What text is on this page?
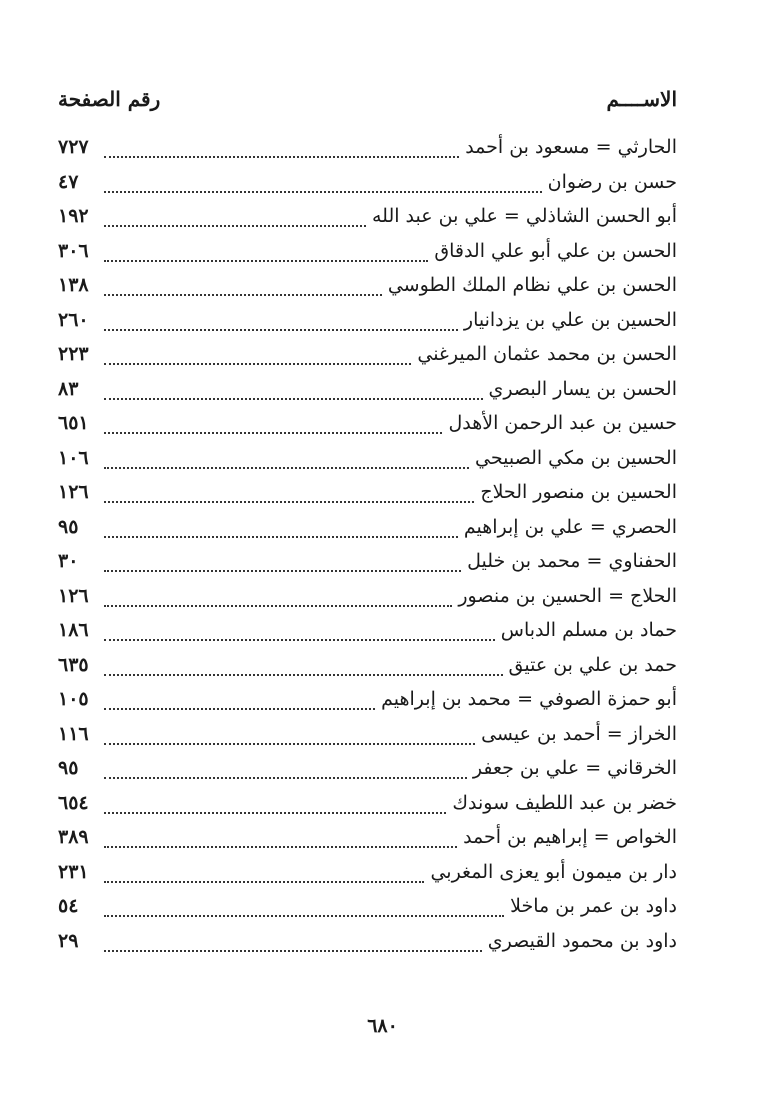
الاســــم
رقم الصفحة
الحارثي = مسعود بن أحمد
٧٢٧
حسن بن رضوان
٤٧
أبو الحسن الشاذلي = علي بن عبد الله
١٩٢
الحسن بن علي أبو علي الدقاق
٣٠٦
الحسن بن علي نظام الملك الطوسي
١٣٨
الحسين بن علي بن يزدانيار
٢٦٠
الحسن بن محمد عثمان الميرغني
٢٢٣
الحسن بن يسار البصري
٨٣
حسين بن عبد الرحمن الأهدل
٦٥١
الحسين بن مكي الصبيحي
١٠٦
الحسين بن منصور الحلاج
١٢٦
الحصري = علي بن إبراهيم
٩٥
الحفناوي = محمد بن خليل
٣٠
الحلاج = الحسين بن منصور
١٢٦
حماد بن مسلم الدباس
١٨٦
حمد بن علي بن عتيق
٦٣٥
أبو حمزة الصوفي = محمد بن إبراهيم
١٠٥
الخراز = أحمد بن عيسى
١١٦
الخرقاني = علي بن جعفر
٩٥
خضر بن عبد اللطيف سوندك
٦٥٤
الخواص = إبراهيم بن أحمد
٣٨٩
دار بن ميمون أبو يعزى المغربي
٢٣١
داود بن عمر بن ماخلا
٥٤
داود بن محمود القيصري
٢٩
٦٨٠
